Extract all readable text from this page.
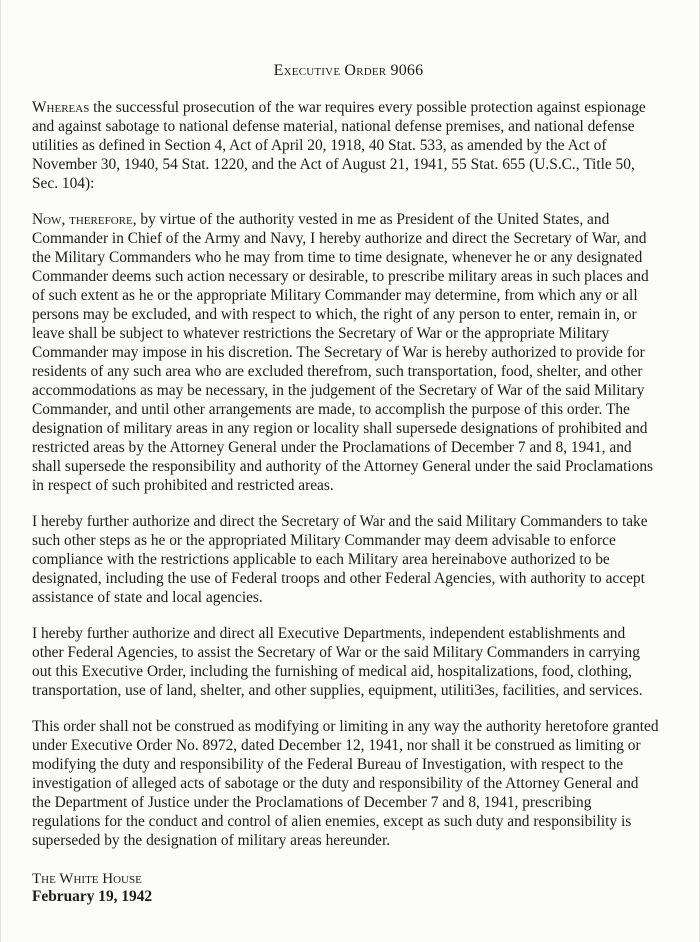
Executive Order 9066

Whereas the successful prosecution of the war requires every possible protection against espionage and against sabotage to national defense material, national defense premises, and national defense utilities as defined in Section 4, Act of April 20, 1918, 40 Stat. 533, as amended by the Act of November 30, 1940, 54 Stat. 1220, and the Act of August 21, 1941, 55 Stat. 655 (U.S.C., Title 50, Sec. 104):

Now, therefore, by virtue of the authority vested in me as President of the United States, and Commander in Chief of the Army and Navy, I hereby authorize and direct the Secretary of War, and the Military Commanders who he may from time to time designate, whenever he or any designated Commander deems such action necessary or desirable, to prescribe military areas in such places and of such extent as he or the appropriate Military Commander may determine, from which any or all persons may be excluded, and with respect to which, the right of any person to enter, remain in, or leave shall be subject to whatever restrictions the Secretary of War or the appropriate Military Commander may impose in his discretion. The Secretary of War is hereby authorized to provide for residents of any such area who are excluded therefrom, such transportation, food, shelter, and other accommodations as may be necessary, in the judgement of the Secretary of War of the said Military Commander, and until other arrangements are made, to accomplish the purpose of this order. The designation of military areas in any region or locality shall supersede designations of prohibited and restricted areas by the Attorney General under the Proclamations of December 7 and 8, 1941, and shall supersede the responsibility and authority of the Attorney General under the said Proclamations in respect of such prohibited and restricted areas.

I hereby further authorize and direct the Secretary of War and the said Military Commanders to take such other steps as he or the appropriated Military Commander may deem advisable to enforce compliance with the restrictions applicable to each Military area hereinabove authorized to be designated, including the use of Federal troops and other Federal Agencies, with authority to accept assistance of state and local agencies.

I hereby further authorize and direct all Executive Departments, independent establishments and other Federal Agencies, to assist the Secretary of War or the said Military Commanders in carrying out this Executive Order, including the furnishing of medical aid, hospitalizations, food, clothing, transportation, use of land, shelter, and other supplies, equipment, utiliti3es, facilities, and services.

This order shall not be construed as modifying or limiting in any way the authority heretofore granted under Executive Order No. 8972, dated December 12, 1941, nor shall it be construed as limiting or modifying the duty and responsibility of the Federal Bureau of Investigation, with respect to the investigation of alleged acts of sabotage or the duty and responsibility of the Attorney General and the Department of Justice under the Proclamations of December 7 and 8, 1941, prescribing regulations for the conduct and control of alien enemies, except as such duty and responsibility is superseded by the designation of military areas hereunder.

The White House
February 19, 1942
